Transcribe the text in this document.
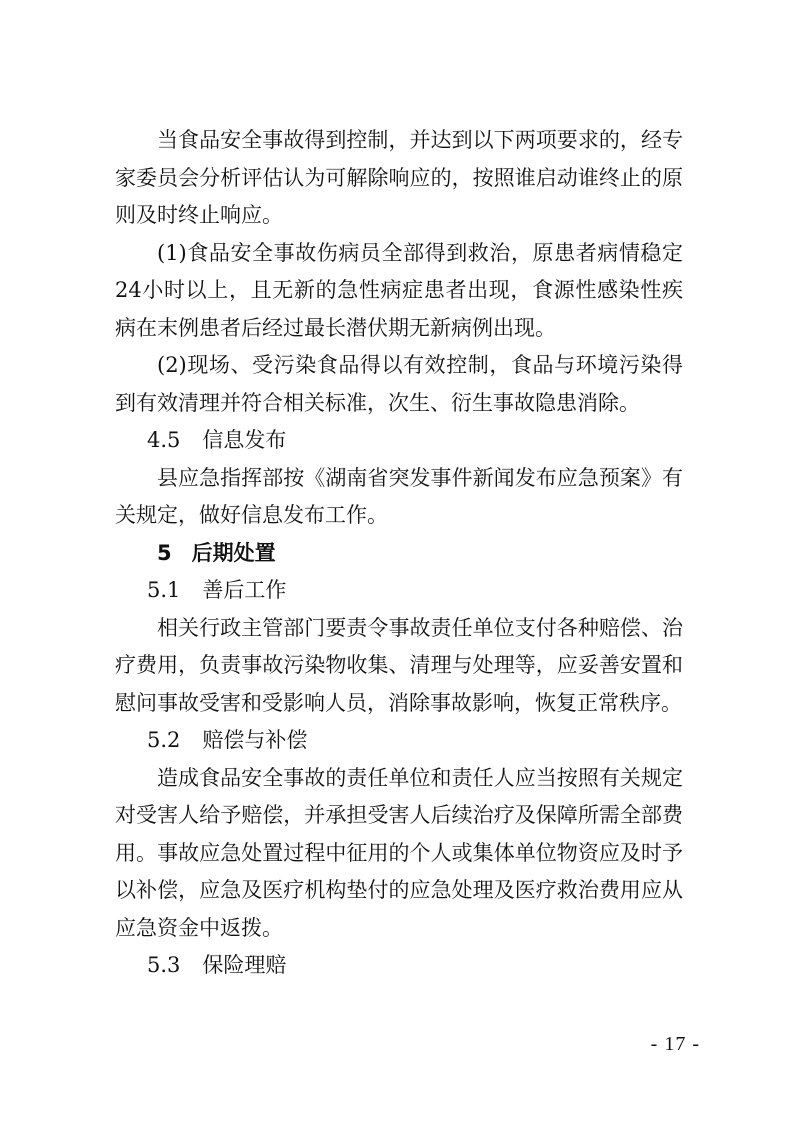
当食品安全事故得到控制，并达到以下两项要求的，经专家委员会分析评估认为可解除响应的，按照谁启动谁终止的原则及时终止响应。

(1)食品安全事故伤病员全部得到救治，原患者病情稳定24小时以上，且无新的急性病症患者出现，食源性感染性疾病在末例患者后经过最长潜伏期无新病例出现。

(2)现场、受污染食品得以有效控制，食品与环境污染得到有效清理并符合相关标准，次生、衍生事故隐患消除。

4.5 信息发布

县应急指挥部按《湖南省突发事件新闻发布应急预案》有关规定，做好信息发布工作。

5 后期处置

5.1 善后工作

相关行政主管部门要责令事故责任单位支付各种赔偿、治疗费用，负责事故污染物收集、清理与处理等，应妥善安置和慰问事故受害和受影响人员，消除事故影响，恢复正常秩序。

5.2 赔偿与补偿

造成食品安全事故的责任单位和责任人应当按照有关规定对受害人给予赔偿，并承担受害人后续治疗及保障所需全部费用。事故应急处置过程中征用的个人或集体单位物资应及时予以补偿，应急及医疗机构垫付的应急处理及医疗救治费用应从应急资金中返拨。

5.3 保险理赔

- 17 -
